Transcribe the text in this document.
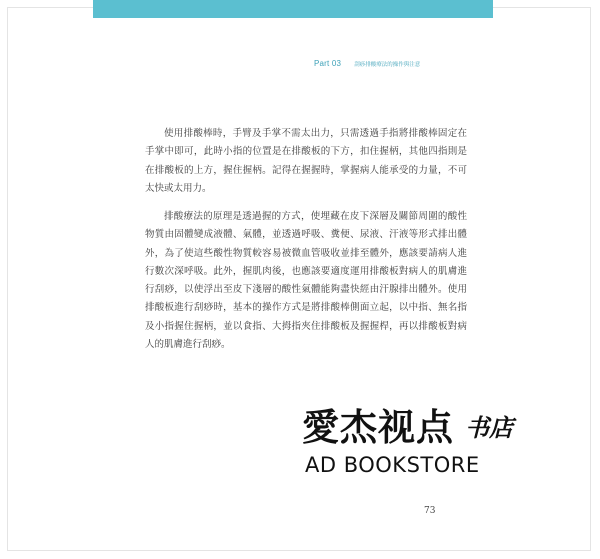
Part 03 刮痧排酸療法的操作與注意

使用排酸棒時，手臂及手掌不需太出力，只需透過手指將排酸棒固定在手掌中即可，此時小指的位置是在排酸板的下方，扣住握柄，其他四指則是在排酸板的上方，握住握柄。記得在握握時，掌握病人能承受的力量，不可太快或太用力。

排酸療法的原理是透過握的方式，使埋藏在皮下深層及關節周圍的酸性物質由固體變成液體、氣體，並透過呼吸、糞便、尿液、汗液等形式排出體外，為了使這些酸性物質較容易被微血管吸收並排至體外，應該要請病人進行數次深呼吸。此外，握肌肉後，也應該要適度運用排酸板對病人的肌膚進行刮痧，以使浮出至皮下淺層的酸性氣體能夠盡快經由汗腺排出體外。使用排酸板進行刮痧時，基本的操作方式是將排酸棒側面立起，以中指、無名指及小指握住握柄，並以食指、大拇指夾住排酸板及握握桿，再以排酸板對病人的肌膚進行刮痧。

愛杰视点 书店
AD BOOKSTORE
73
